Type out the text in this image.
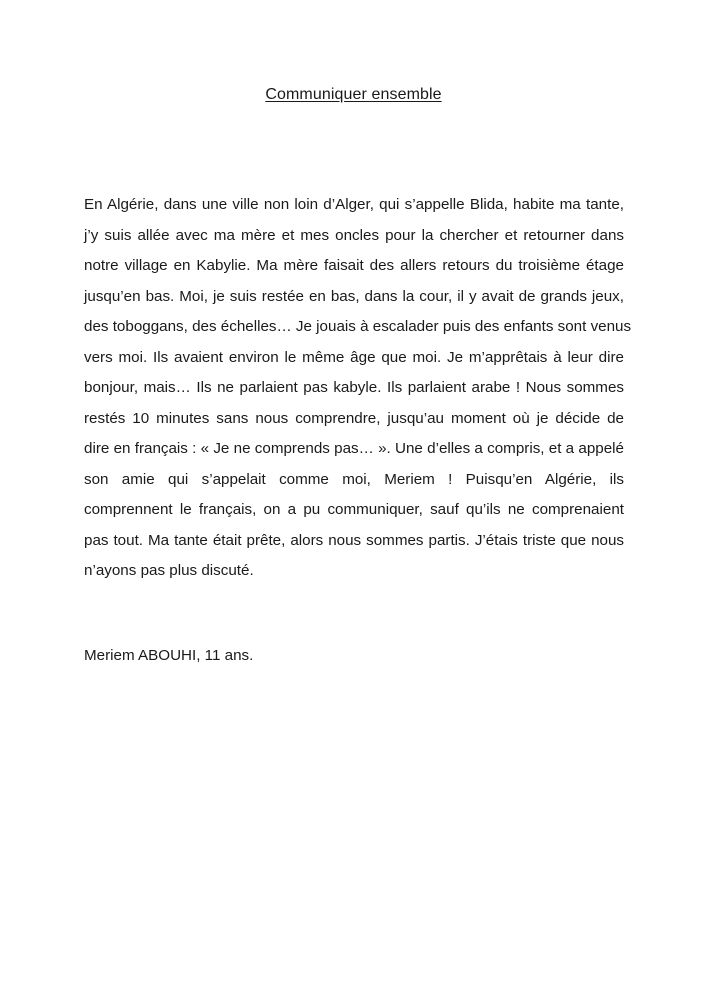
Communiquer ensemble
En Algérie, dans une ville non loin d’Alger, qui s’appelle Blida, habite ma tante,
j’y suis allée avec ma mère et mes oncles pour la chercher et retourner dans
notre village en Kabylie. Ma mère faisait des allers retours du troisième étage
jusqu’en bas. Moi, je suis restée en bas, dans la cour, il y avait de grands jeux,
des toboggans, des échelles… Je jouais à escalader puis des enfants sont venus
vers moi. Ils avaient environ le même âge que moi. Je m’apprêtais à leur dire
bonjour, mais… Ils ne parlaient pas kabyle. Ils parlaient arabe ! Nous sommes
restés 10 minutes sans nous comprendre, jusqu’au moment où je décide de
dire en français : « Je ne comprends pas… ». Une d’elles a compris, et a appelé
son amie qui s’appelait comme moi, Meriem ! Puisqu’en Algérie, ils
comprennent le français, on a pu communiquer, sauf qu’ils ne comprenaient
pas tout. Ma tante était prête, alors nous sommes partis. J’étais triste que nous
n’ayons pas plus discuté.
Meriem ABOUHI, 11 ans.
